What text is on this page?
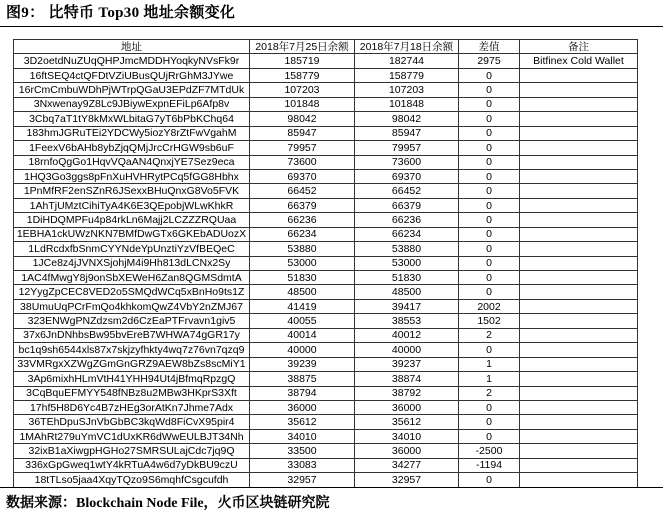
图9： 比特币 Top30 地址余额变化
地址	2018年7月25日余额	2018年7月18日余额	差值	备注
3D2oetdNuZUqQHPJmcMDDHYoqkyNVsFk9r	185719	182744	2975	Bitfinex Cold Wallet
16ftSEQ4ctQFDtVZiUBusQUjRrGhM3JYwe	158779	158779	0	
16rCmCmbuWDhPjWTrpQGaU3EPdZF7MTdUk	107203	107203	0	
3Nxwenay9Z8Lc9JBiywExpnEFiLp6Afp8v	101848	101848	0	
3Cbq7aT1tY8kMxWLbitaG7yT6bPbKChq64	98042	98042	0	
183hmJGRuTEi2YDCWy5iozY8rZtFwVgahM	85947	85947	0	
1FeexV6bAHb8ybZjqQMjJrcCrHGW9sb6uF	79957	79957	0	
18rnfoQgGo1HqvVQaAN4QnxjYE7Sez9eca	73600	73600	0	
1HQ3Go3ggs8pFnXuHVHRytPCq5fGG8Hbhx	69370	69370	0	
1PnMfRF2enSZnR6JSexxBHuQnxG8Vo5FVK	66452	66452	0	
1AhTjUMztCihiTyA4K6E3QEpobjWLwKhkR	66379	66379	0	
1DiHDQMPFu4p84rkLn6Majj2LCZZZRQUaa	66236	66236	0	
1EBHA1ckUWzNKN7BMfDwGTx6GKEbADUozX	66234	66234	0	
1LdRcdxfbSnmCYYNdeYpUnztiYzVfBEQeC	53880	53880	0	
1JCe8z4jJVNXSjohjM4i9Hh813dLCNx2Sy	53000	53000	0	
1AC4fMwgY8j9onSbXEWeH6Zan8QGMSdmtA	51830	51830	0	
12YygZpCEC8VED2o5SMQdWCq5xBnHo9ts1Z	48500	48500	0	
38UmuUqPCrFmQo4khkomQwZ4VbY2nZMJ67	41419	39417	2002	
323ENWgPNZdzsm2d6CzEaPTFrvavn1giv5	40055	38553	1502	
37x6JnDNhbsBw95bvEreB7WHWA74gGR17y	40014	40012	2	
bc1q9sh6544xls87x7skjzyfhkty4wq7z76vn7qzq9	40000	40000	0	
33VMRgxXZWgZGmGnGRZ9AEW8bZs8scMiY1	39239	39237	1	
3Ap6mixhHLmVtH41YHH94Ut4jBfmqRpzgQ	38875	38874	1	
3CqBquEFMYY548fNBz8u2MBw3HKprS3Xft	38794	38792	2	
17hf5H8D6Yc4B7zHEg3orAtKn7Jhme7Adx	36000	36000	0	
36TEhDpuSJnVbGbBC3kqWd8FiCvX95pir4	35612	35612	0	
1MAhRt279uYmVC1dUxKR6dWwEULBJT34Nh	34010	34010	0	
32ixB1aXiwgpHGHo27SMRSULajCdc7jq9Q	33500	36000	-2500	
336xGpGweq1wtY4kRTuA4w6d7yDkBU9czU	33083	34277	-1194	
18tTLso5jaa4XqyTQzo9S6mqhfCsgcufdh	32957	32957	0	
数据来源：Blockchain Node File，火币区块链研究院
